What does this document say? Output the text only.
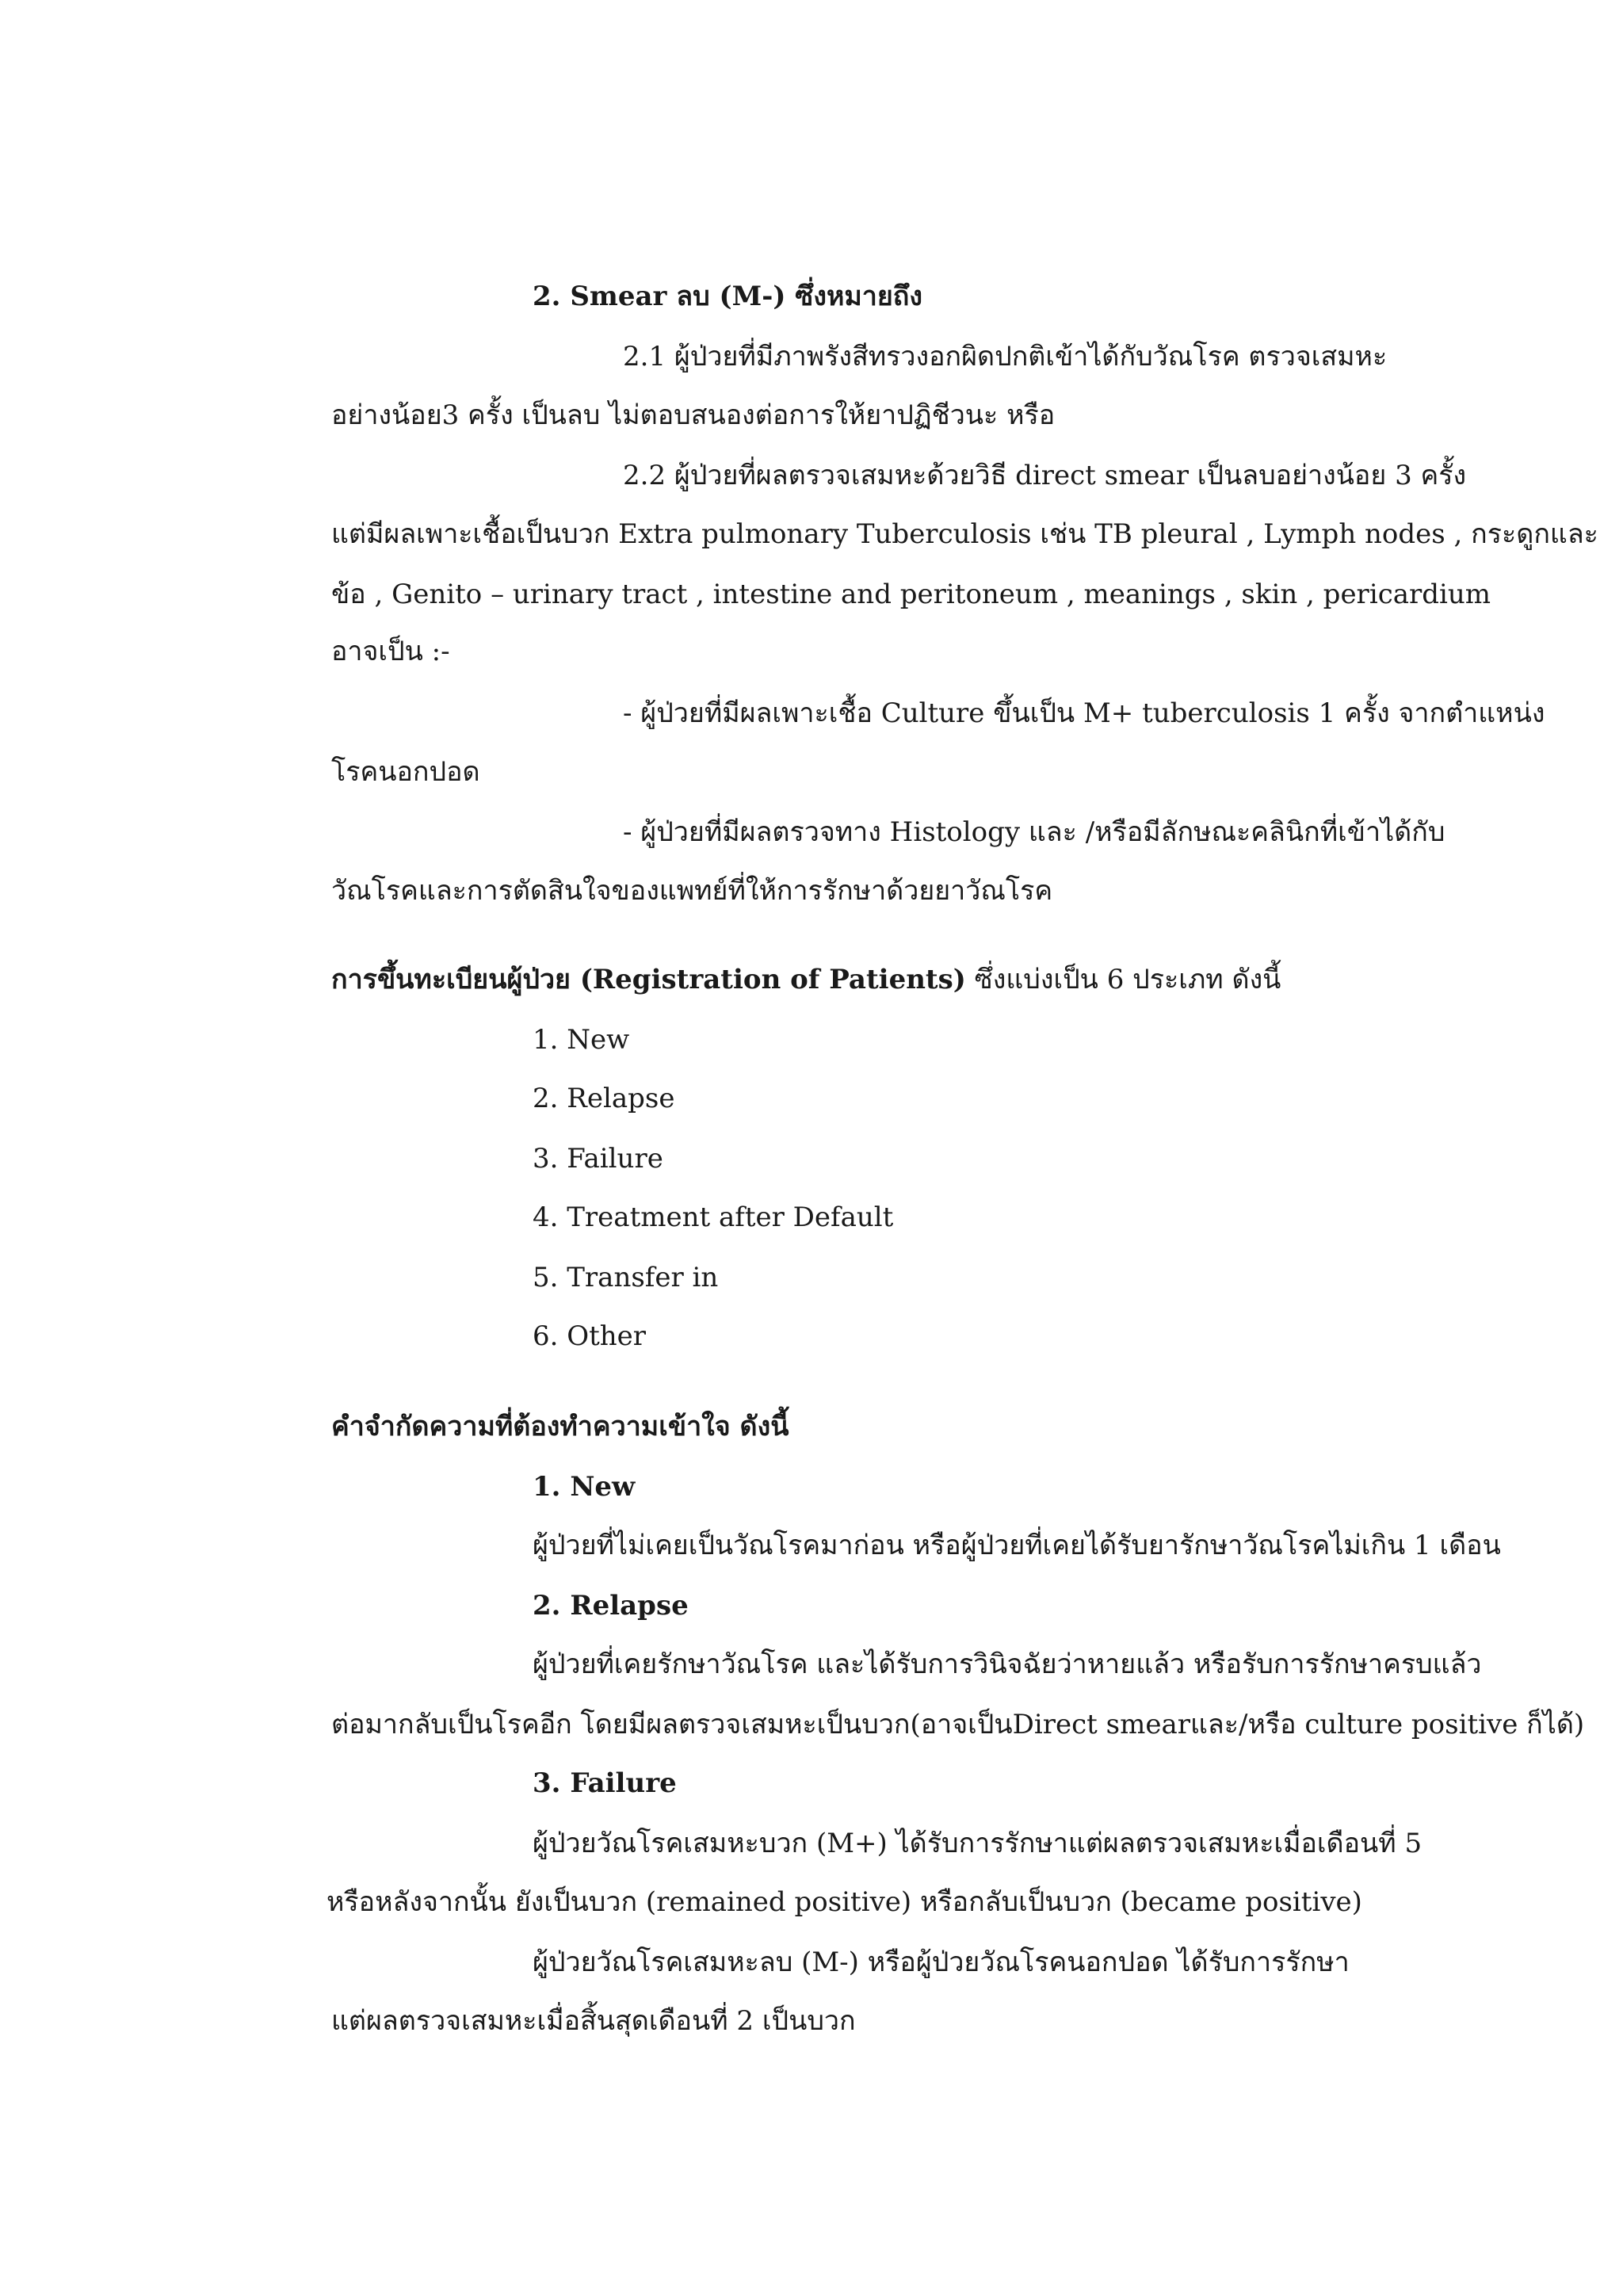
2. Smear ลบ (M-) ซึ่งหมายถึง
2.1 ผู้ป่วยที่มีภาพรังสีทรวงอกผิดปกติเข้าได้กับวัณโรค ตรวจเสมหะ
อย่างน้อย3 ครั้ง เป็นลบ ไม่ตอบสนองต่อการให้ยาปฏิชีวนะ หรือ
2.2 ผู้ป่วยที่ผลตรวจเสมหะด้วยวิธี direct smear เป็นลบอย่างน้อย 3 ครั้ง
แต่มีผลเพาะเชื้อเป็นบวก Extra pulmonary Tuberculosis เช่น TB pleural , Lymph nodes , กระดูกและ
ข้อ , Genito – urinary tract , intestine and peritoneum , meanings , skin , pericardium
อาจเป็น :-
- ผู้ป่วยที่มีผลเพาะเชื้อ Culture ขึ้นเป็น M+ tuberculosis 1 ครั้ง จากตำแหน่ง
โรคนอกปอด
- ผู้ป่วยที่มีผลตรวจทาง Histology และ /หรือมีลักษณะคลินิกที่เข้าได้กับ
วัณโรคและการตัดสินใจของแพทย์ที่ให้การรักษาด้วยยาวัณโรค
การขึ้นทะเบียนผู้ป่วย (Registration of Patients) ซึ่งแบ่งเป็น 6 ประเภท ดังนี้
1. New
2. Relapse
3. Failure
4. Treatment after Default
5. Transfer in
6. Other
คำจำกัดความที่ต้องทำความเข้าใจ ดังนี้
1. New
ผู้ป่วยที่ไม่เคยเป็นวัณโรคมาก่อน หรือผู้ป่วยที่เคยได้รับยารักษาวัณโรคไม่เกิน 1 เดือน
2. Relapse
ผู้ป่วยที่เคยรักษาวัณโรค และได้รับการวินิจฉัยว่าหายแล้ว หรือรับการรักษาครบแล้ว
ต่อมากลับเป็นโรคอีก โดยมีผลตรวจเสมหะเป็นบวก(อาจเป็นDirect smearและ/หรือ culture positive ก็ได้)
3. Failure
ผู้ป่วยวัณโรคเสมหะบวก (M+) ได้รับการรักษาแต่ผลตรวจเสมหะเมื่อเดือนที่ 5
หรือหลังจากนั้น ยังเป็นบวก (remained positive) หรือกลับเป็นบวก (became positive)
ผู้ป่วยวัณโรคเสมหะลบ (M-) หรือผู้ป่วยวัณโรคนอกปอด ได้รับการรักษา
แต่ผลตรวจเสมหะเมื่อสิ้นสุดเดือนที่ 2 เป็นบวก
